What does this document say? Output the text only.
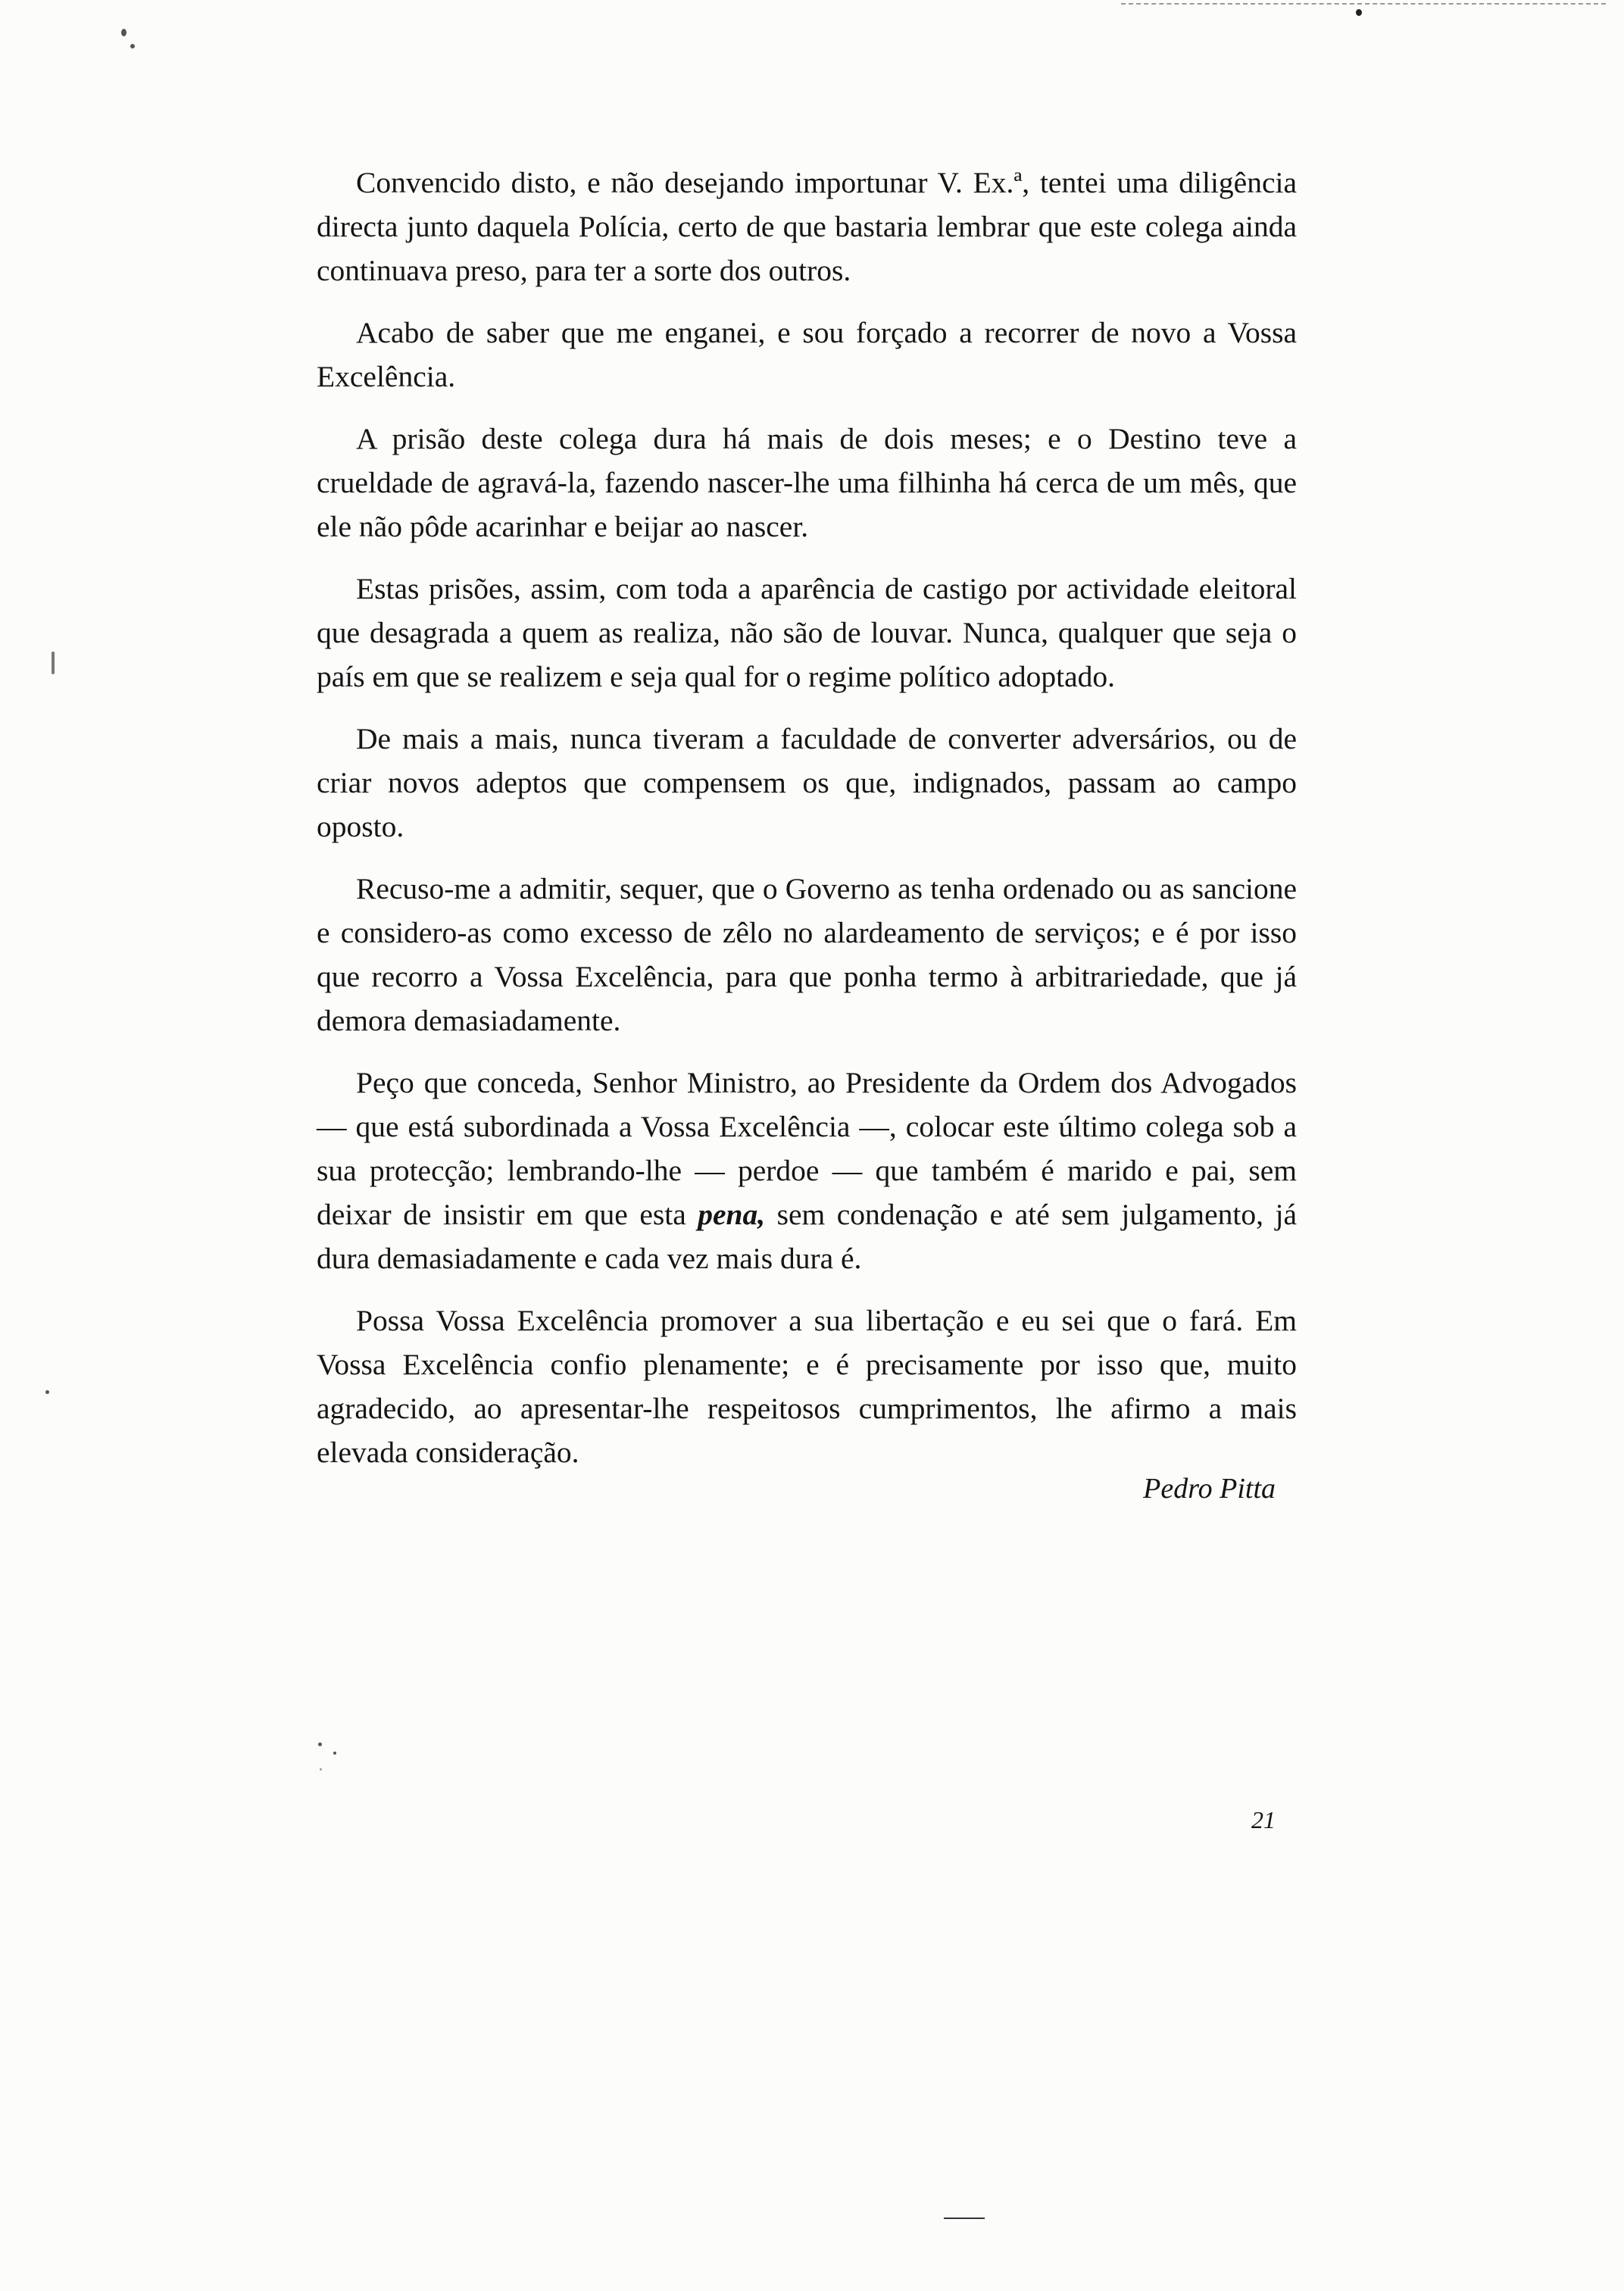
Convencido disto, e não desejando importunar V. Ex.ª, tentei uma diligência directa junto daquela Polícia, certo de que bastaria lembrar que este colega ainda continuava preso, para ter a sorte dos outros.

Acabo de saber que me enganei, e sou forçado a recorrer de novo a Vossa Excelência.

A prisão deste colega dura há mais de dois meses; e o Destino teve a crueldade de agravá-la, fazendo nascer-lhe uma filhinha há cerca de um mês, que ele não pôde acarinhar e beijar ao nascer.

Estas prisões, assim, com toda a aparência de castigo por actividade eleitoral que desagrada a quem as realiza, não são de louvar. Nunca, qualquer que seja o país em que se realizem e seja qual for o regime político adoptado.

De mais a mais, nunca tiveram a faculdade de converter adversários, ou de criar novos adeptos que compensem os que, indignados, passam ao campo oposto.

Recuso-me a admitir, sequer, que o Governo as tenha ordenado ou as sancione e considero-as como excesso de zêlo no alardeamento de serviços; e é por isso que recorro a Vossa Excelência, para que ponha termo à arbitrariedade, que já demora demasiadamente.

Peço que conceda, Senhor Ministro, ao Presidente da Ordem dos Advogados — que está subordinada a Vossa Excelência —, colocar este último colega sob a sua protecção; lembrando-lhe — perdoe — que também é marido e pai, sem deixar de insistir em que esta pena, sem condenação e até sem julgamento, já dura demasiadamente e cada vez mais dura é.

Possa Vossa Excelência promover a sua libertação e eu sei que o fará. Em Vossa Excelência confio plenamente; e é precisamente por isso que, muito agradecido, ao apresentar-lhe respeitosos cumprimentos, lhe afirmo a mais elevada consideração.

Pedro Pitta
21
